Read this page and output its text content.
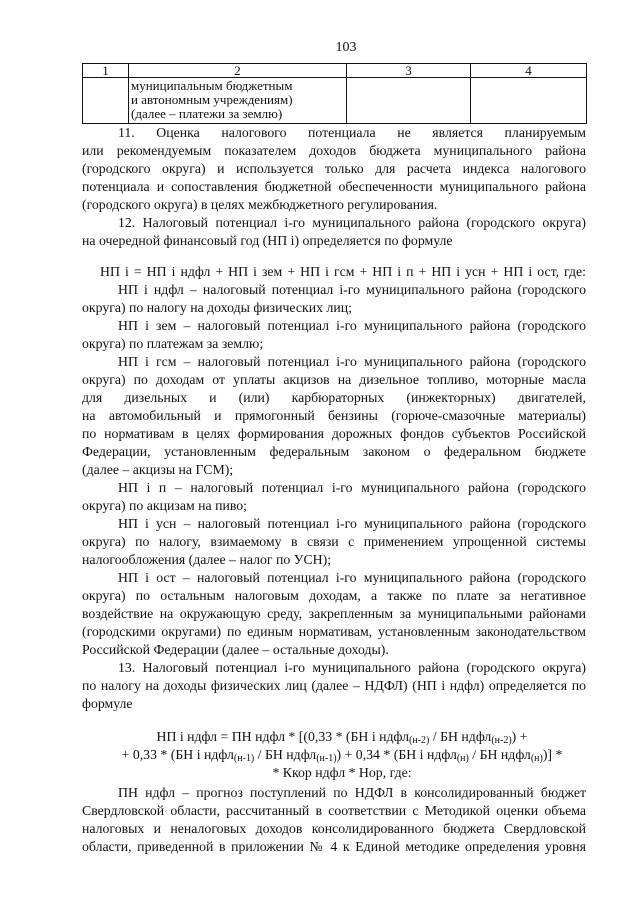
103
1	2	3	4

	муниципальным бюджетным
и автономным учреждениям)
(далее – платежи за землю)		

11. Оценка налогового потенциала не является планируемым
или рекомендуемым показателем доходов бюджета муниципального района
(городского округа) и используется только для расчета индекса налогового
потенциала и сопоставления бюджетной обеспеченности муниципального района
(городского округа) в целях межбюджетного регулирования.
12. Налоговый потенциал i-го муниципального района (городского округа)
на очередной финансовый год (НП i) определяется по формуле
НП i = НП i ндфл + НП i зем + НП i гсм + НП i п + НП i усн + НП i ост, где:
НП i ндфл – налоговый потенциал i-го муниципального района (городского
округа) по налогу на доходы физических лиц;
НП i зем – налоговый потенциал i-го муниципального района (городского
округа) по платежам за землю;
НП i гсм – налоговый потенциал i-го муниципального района (городского
округа) по доходам от уплаты акцизов на дизельное топливо, моторные масла
для дизельных и (или) карбюраторных (инжекторных) двигателей,
на автомобильный и прямогонный бензины (горюче-смазочные материалы)
по нормативам в целях формирования дорожных фондов субъектов Российской
Федерации, установленным федеральным законом о федеральном бюджете
(далее – акцизы на ГСМ);
НП i п – налоговый потенциал i-го муниципального района (городского
округа) по акцизам на пиво;
НП i усн – налоговый потенциал i-го муниципального района (городского
округа) по налогу, взимаемому в связи с применением упрощенной системы
налогообложения (далее – налог по УСН);
НП i ост – налоговый потенциал i-го муниципального района (городского
округа) по остальным налоговым доходам, а также по плате за негативное
воздействие на окружающую среду, закрепленным за муниципальными районами
(городскими округами) по единым нормативам, установленным законодательством
Российской Федерации (далее – остальные доходы).
13. Налоговый потенциал i-го муниципального района (городского округа)
по налогу на доходы физических лиц (далее – НДФЛ) (НП i ндфл) определяется по
формуле
НП i ндфл = ПН ндфл * [(0,33 * (БН i ндфл$_{(н-2)}$ / БН ндфл$_{(н-2)}$) +
+ 0,33 * (БН i ндфл$_{(н-1)}$ / БН ндфл$_{(н-1)}$) + 0,34 * (БН i ндфл$_{(н)}$ / БН ндфл$_{(н)}$)] *
* Ккор ндфл * Нор, где:
ПН ндфл – прогноз поступлений по НДФЛ в консолидированный бюджет
Свердловской области, рассчитанный в соответствии с Методикой оценки объема
налоговых и неналоговых доходов консолидированного бюджета Свердловской
области, приведенной в приложении № 4 к Единой методике определения уровня
